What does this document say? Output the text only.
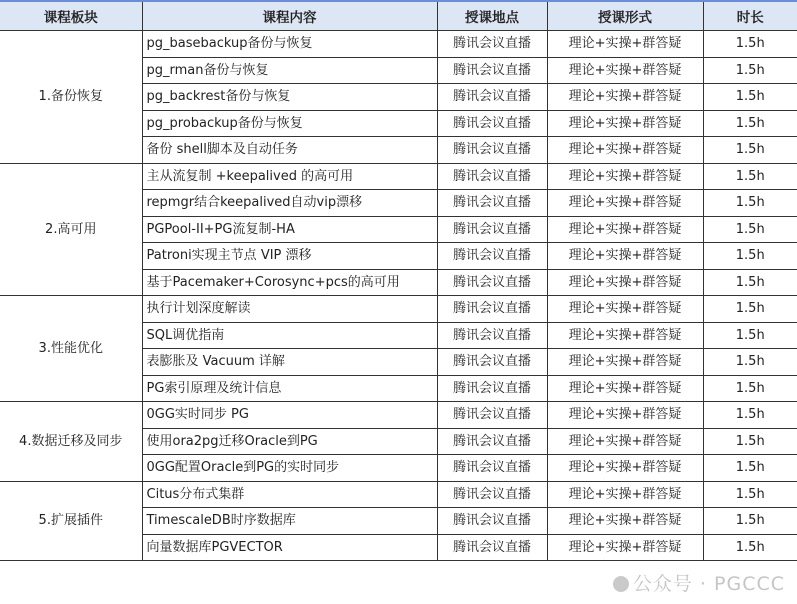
课程板块	课程内容	授课地点	授课形式	时长
1.备份恢复	pg_basebackup备份与恢复	腾讯会议直播	理论+实操+群答疑	1.5h
	pg_rman备份与恢复	腾讯会议直播	理论+实操+群答疑	1.5h
	pg_backrest备份与恢复	腾讯会议直播	理论+实操+群答疑	1.5h
	pg_probackup备份与恢复	腾讯会议直播	理论+实操+群答疑	1.5h
	备份 shell脚本及自动任务	腾讯会议直播	理论+实操+群答疑	1.5h
2.高可用	主从流复制 +keepalived 的高可用	腾讯会议直播	理论+实操+群答疑	1.5h
	repmgr结合keepalived自动vip漂移	腾讯会议直播	理论+实操+群答疑	1.5h
	PGPool-II+PG流复制-HA	腾讯会议直播	理论+实操+群答疑	1.5h
	Patroni实现主节点 VIP 漂移	腾讯会议直播	理论+实操+群答疑	1.5h
	基于Pacemaker+Corosync+pcs的高可用	腾讯会议直播	理论+实操+群答疑	1.5h
3.性能优化	执行计划深度解读	腾讯会议直播	理论+实操+群答疑	1.5h
	SQL调优指南	腾讯会议直播	理论+实操+群答疑	1.5h
	表膨胀及 Vacuum 详解	腾讯会议直播	理论+实操+群答疑	1.5h
	PG索引原理及统计信息	腾讯会议直播	理论+实操+群答疑	1.5h
4.数据迁移及同步	0GG实时同步 PG	腾讯会议直播	理论+实操+群答疑	1.5h
	使用ora2pg迁移Oracle到PG	腾讯会议直播	理论+实操+群答疑	1.5h
	0GG配置Oracle到PG的实时同步	腾讯会议直播	理论+实操+群答疑	1.5h
5.扩展插件	Citus分布式集群	腾讯会议直播	理论+实操+群答疑	1.5h
	TimescaleDB时序数据库	腾讯会议直播	理论+实操+群答疑	1.5h
	向量数据库PGVECTOR	腾讯会议直播	理论+实操+群答疑	1.5h
公众号 · PGCCC
